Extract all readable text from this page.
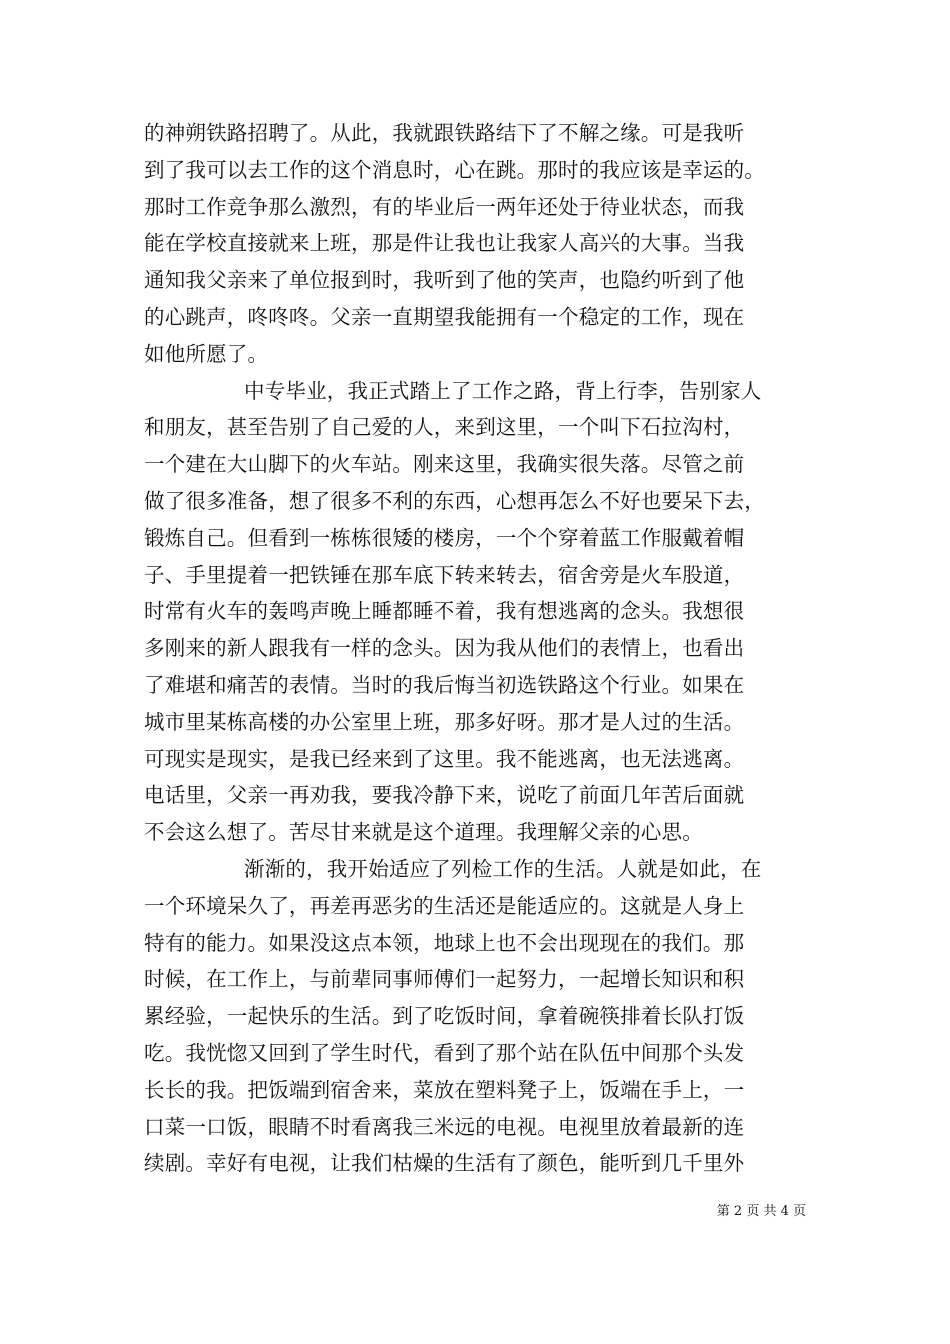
的神朔铁路招聘了。从此，我就跟铁路结下了不解之缘。可是我听
到了我可以去工作的这个消息时，心在跳。那时的我应该是幸运的。
那时工作竞争那么激烈，有的毕业后一两年还处于待业状态，而我
能在学校直接就来上班，那是件让我也让我家人高兴的大事。当我
通知我父亲来了单位报到时，我听到了他的笑声，也隐约听到了他
的心跳声，咚咚咚。父亲一直期望我能拥有一个稳定的工作，现在
如他所愿了。
中专毕业，我正式踏上了工作之路，背上行李，告别家人
和朋友，甚至告别了自己爱的人，来到这里，一个叫下石拉沟村，
一个建在大山脚下的火车站。刚来这里，我确实很失落。尽管之前
做了很多准备，想了很多不利的东西，心想再怎么不好也要呆下去，
锻炼自己。但看到一栋栋很矮的楼房，一个个穿着蓝工作服戴着帽
子、手里提着一把铁锤在那车底下转来转去，宿舍旁是火车股道，
时常有火车的轰鸣声晚上睡都睡不着，我有想逃离的念头。我想很
多刚来的新人跟我有一样的念头。因为我从他们的表情上，也看出
了难堪和痛苦的表情。当时的我后悔当初选铁路这个行业。如果在
城市里某栋高楼的办公室里上班，那多好呀。那才是人过的生活。
可现实是现实，是我已经来到了这里。我不能逃离，也无法逃离。
电话里，父亲一再劝我，要我冷静下来，说吃了前面几年苦后面就
不会这么想了。苦尽甘来就是这个道理。我理解父亲的心思。
渐渐的，我开始适应了列检工作的生活。人就是如此，在
一个环境呆久了，再差再恶劣的生活还是能适应的。这就是人身上
特有的能力。如果没这点本领，地球上也不会出现现在的我们。那
时候，在工作上，与前辈同事师傅们一起努力，一起增长知识和积
累经验，一起快乐的生活。到了吃饭时间，拿着碗筷排着长队打饭
吃。我恍惚又回到了学生时代，看到了那个站在队伍中间那个头发
长长的我。把饭端到宿舍来，菜放在塑料凳子上，饭端在手上，一
口菜一口饭，眼睛不时看离我三米远的电视。电视里放着最新的连
续剧。幸好有电视，让我们枯燥的生活有了颜色，能听到几千里外
第 2 页 共 4 页
